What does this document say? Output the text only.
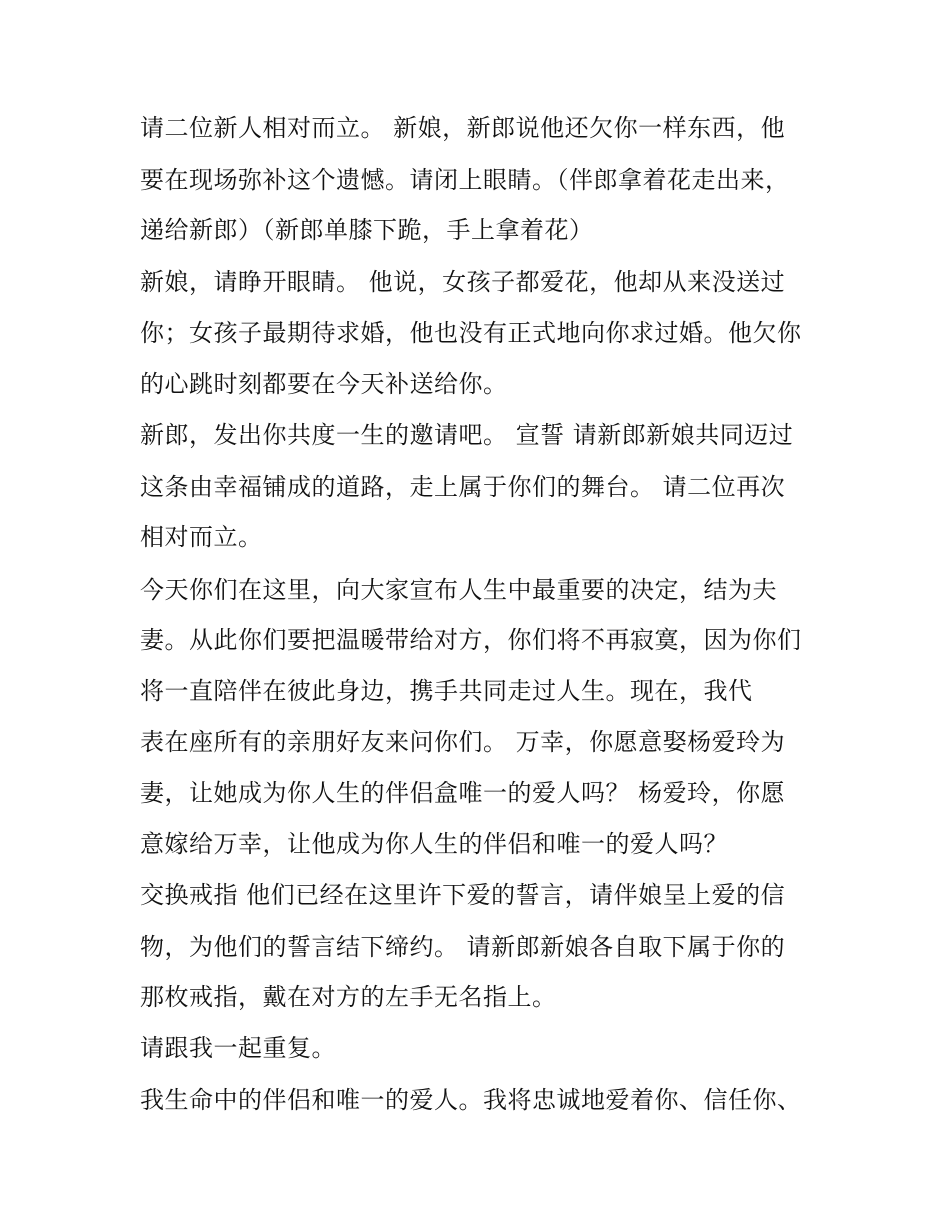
请二位新人相对而立。 新娘，新郎说他还欠你一样东西，他
要在现场弥补这个遗憾。请闭上眼睛。（伴郎拿着花走出来，
递给新郎）（新郎单膝下跪，手上拿着花）
新娘，请睁开眼睛。 他说，女孩子都爱花，他却从来没送过
你；女孩子最期待求婚，他也没有正式地向你求过婚。他欠你
的心跳时刻都要在今天补送给你。
新郎，发出你共度一生的邀请吧。 宣誓 请新郎新娘共同迈过
这条由幸福铺成的道路，走上属于你们的舞台。 请二位再次
相对而立。
今天你们在这里，向大家宣布人生中最重要的决定，结为夫
妻。从此你们要把温暖带给对方，你们将不再寂寞，因为你们
将一直陪伴在彼此身边，携手共同走过人生。现在，我代
表在座所有的亲朋好友来问你们。 万幸，你愿意娶杨爱玲为
妻，让她成为你人生的伴侣盒唯一的爱人吗？ 杨爱玲，你愿
意嫁给万幸，让他成为你人生的伴侣和唯一的爱人吗？
交换戒指 他们已经在这里许下爱的誓言，请伴娘呈上爱的信
物，为他们的誓言结下缔约。 请新郎新娘各自取下属于你的
那枚戒指，戴在对方的左手无名指上。
请跟我一起重复。
我生命中的伴侣和唯一的爱人。我将忠诚地爱着你、信任你、
